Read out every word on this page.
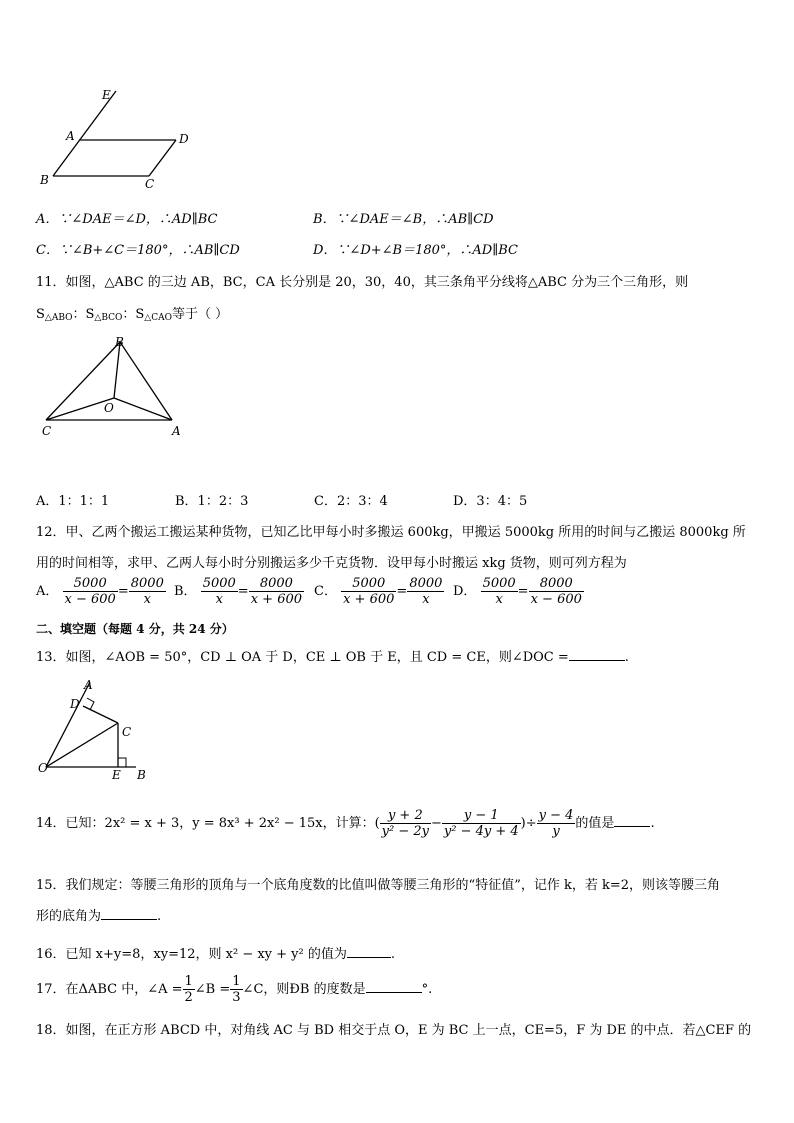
E
A	D
B	C
A．∵∠DAE＝∠D，∴AD∥BC	B．∵∠DAE＝∠B，∴AB∥CD
C．∵∠B+∠C＝180°，∴AB∥CD	D．∵∠D+∠B＝180°，∴AD∥BC
11．如图，△ABC 的三边 AB，BC，CA 长分别是 20，30，40，其三条角平分线将△ABC 分为三个三角形，则
$S_{\triangle ABO}$：$S_{\triangle BCO}$：$S_{\triangle CAO}$等于（ ）
B
O
C	A
A．1：1：1	B．1：2：3	C．2：3：4	D．3：4：5
12．甲、乙两个搬运工搬运某种货物，已知乙比甲每小时多搬运 600kg，甲搬运 5000kg 所用的时间与乙搬运 8000kg 所
用的时间相等，求甲、乙两人每小时分别搬运多少千克货物．设甲每小时搬运 xkg 货物，则可列方程为
A． $\frac{5000}{x - 600} = \frac{8000}{x}$ B． $\frac{5000}{x} = \frac{8000}{x + 600}$ C． $\frac{5000}{x + 600} = \frac{8000}{x}$ D． $\frac{5000}{x} = \frac{8000}{x - 600}$
二、填空题（每题 4 分，共 24 分）
13．如图，∠AOB = 50°，CD ⊥ OA 于 D，CE ⊥ OB 于 E，且 CD = CE，则∠DOC =	.
A
D
C
O	E B
14．已知：2x² = x + 3，y = 8x³ + 2x² − 15x，计算：( $\frac{y + 2}{\text{y² − 2y}} - \frac{y - 1}{\text{y² − 4y + 4}}$ )÷ $\frac{y - 4}{y}$ 的值是	.
15．我们规定：等腰三角形的顶角与一个底角度数的比值叫做等腰三角形的“特征值”，记作 k，若 k=2，则该等腰三角
形的底角为	.
16．已知 x+y=8，xy=12，则 x² − xy + y² 的值为	.
17．在ΔABC 中，∠A = $\frac{1}{2}$ ∠B = $\frac{1}{3}$ ∠C，则ÐB 的度数是	°.
18．如图，在正方形 ABCD 中，对角线 AC 与 BD 相交于点 O，E 为 BC 上一点，CE=5，F 为 DE 的中点．若△CEF 的
